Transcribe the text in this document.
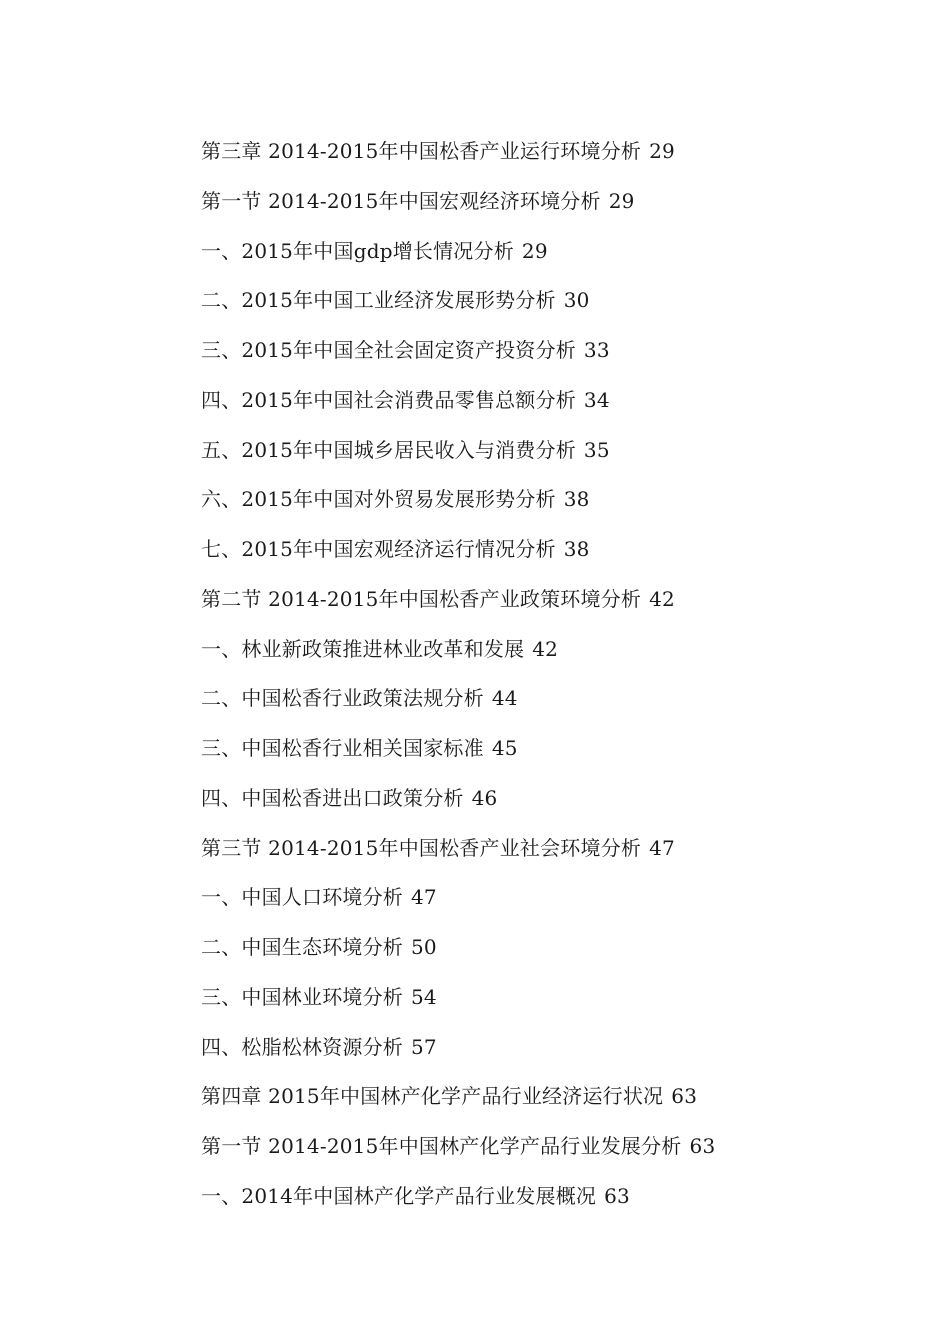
第三章 2014-2015年中国松香产业运行环境分析 29
第一节 2014-2015年中国宏观经济环境分析 29
一、2015年中国gdp增长情况分析 29
二、2015年中国工业经济发展形势分析 30
三、2015年中国全社会固定资产投资分析 33
四、2015年中国社会消费品零售总额分析 34
五、2015年中国城乡居民收入与消费分析 35
六、2015年中国对外贸易发展形势分析 38
七、2015年中国宏观经济运行情况分析 38
第二节 2014-2015年中国松香产业政策环境分析 42
一、林业新政策推进林业改革和发展 42
二、中国松香行业政策法规分析 44
三、中国松香行业相关国家标准 45
四、中国松香进出口政策分析 46
第三节 2014-2015年中国松香产业社会环境分析 47
一、中国人口环境分析 47
二、中国生态环境分析 50
三、中国林业环境分析 54
四、松脂松林资源分析 57
第四章 2015年中国林产化学产品行业经济运行状况 63
第一节 2014-2015年中国林产化学产品行业发展分析 63
一、2014年中国林产化学产品行业发展概况 63
